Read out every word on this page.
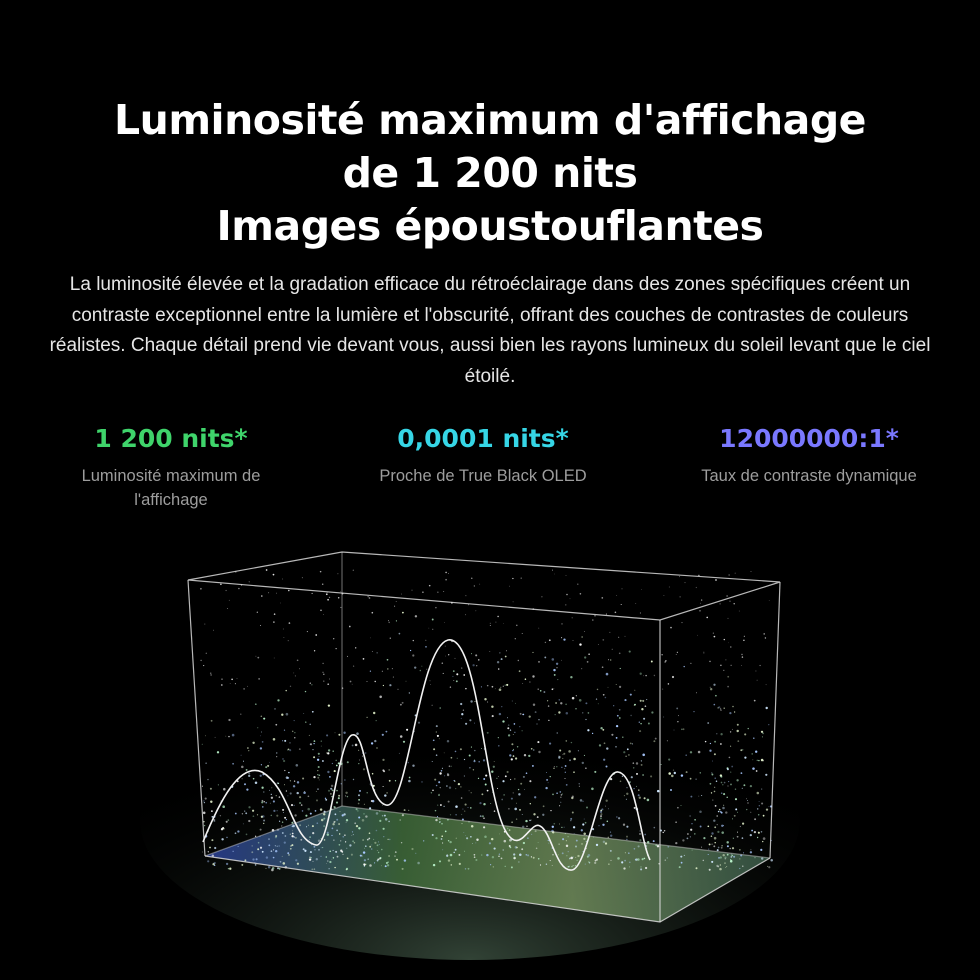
Luminosité maximum d'affichage
de 1 200 nits
Images époustouflantes

La luminosité élevée et la gradation efficace du rétroéclairage dans des zones spécifiques créent un contraste exceptionnel entre la lumière et l'obscurité, offrant des couches de contrastes de couleurs réalistes. Chaque détail prend vie devant vous, aussi bien les rayons lumineux du soleil levant que le ciel étoilé.

1 200 nits*
Luminosité maximum de l'affichage
0,0001 nits*
Proche de True Black OLED
12000000:1*
Taux de contraste dynamique
